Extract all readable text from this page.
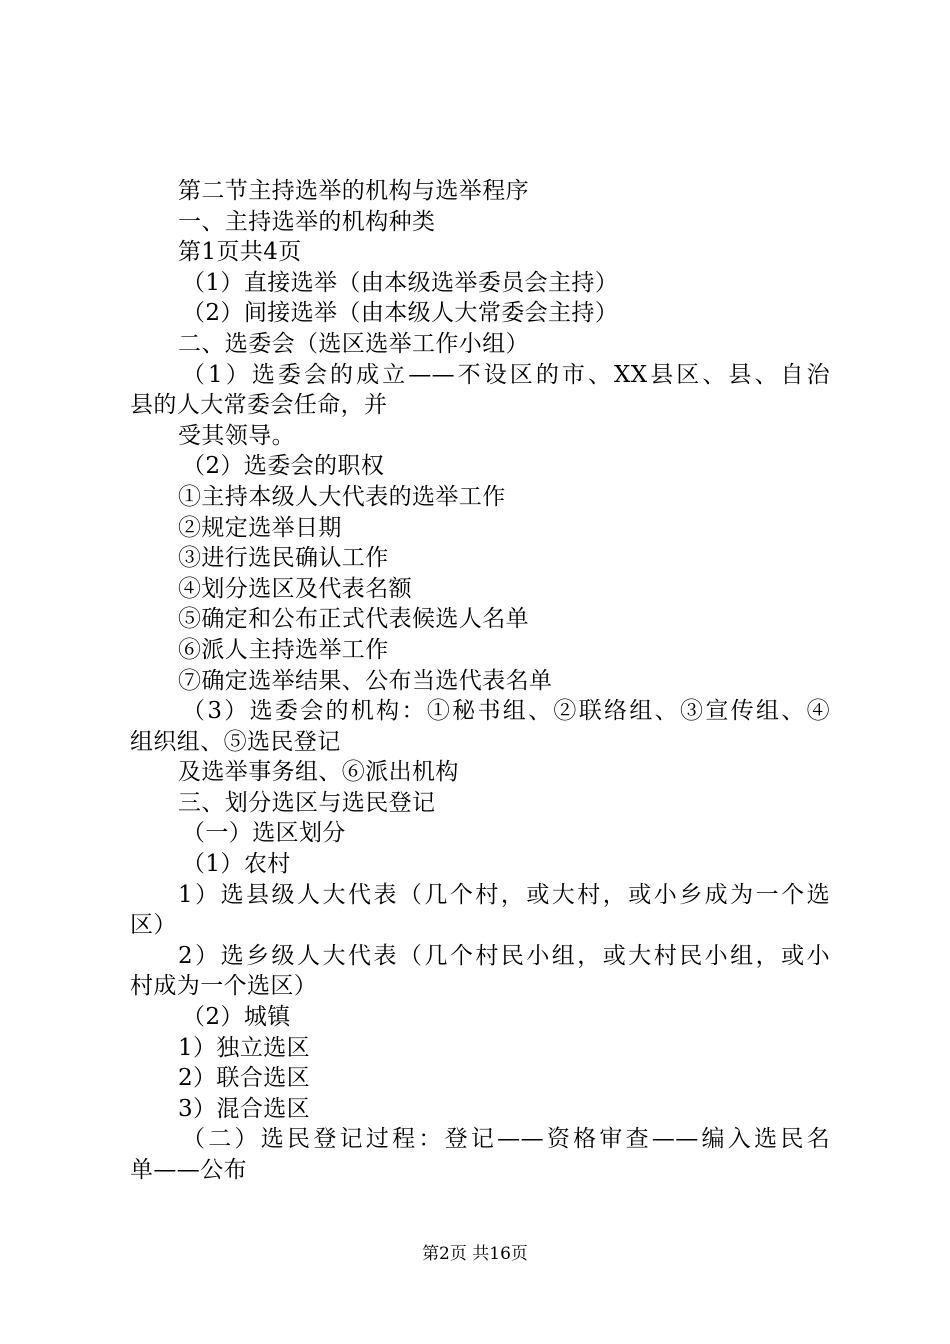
第二节主持选举的机构与选举程序
一、主持选举的机构种类
第1页共4页
（1）直接选举（由本级选举委员会主持）
（2）间接选举（由本级人大常委会主持）
二、选委会（选区选举工作小组）
（1）选委会的成立——不设区的市、XX县区、县、自治
县的人大常委会任命，并
受其领导。
（2）选委会的职权
①主持本级人大代表的选举工作
②规定选举日期
③进行选民确认工作
④划分选区及代表名额
⑤确定和公布正式代表候选人名单
⑥派人主持选举工作
⑦确定选举结果、公布当选代表名单
（3）选委会的机构：①秘书组、②联络组、③宣传组、④
组织组、⑤选民登记
及选举事务组、⑥派出机构
三、划分选区与选民登记
（一）选区划分
（1）农村
1）选县级人大代表（几个村，或大村，或小乡成为一个选
区）
2）选乡级人大代表（几个村民小组，或大村民小组，或小
村成为一个选区）
（2）城镇
1）独立选区
2）联合选区
3）混合选区
（二）选民登记过程：登记——资格审查——编入选民名
单——公布
第2页 共16页
